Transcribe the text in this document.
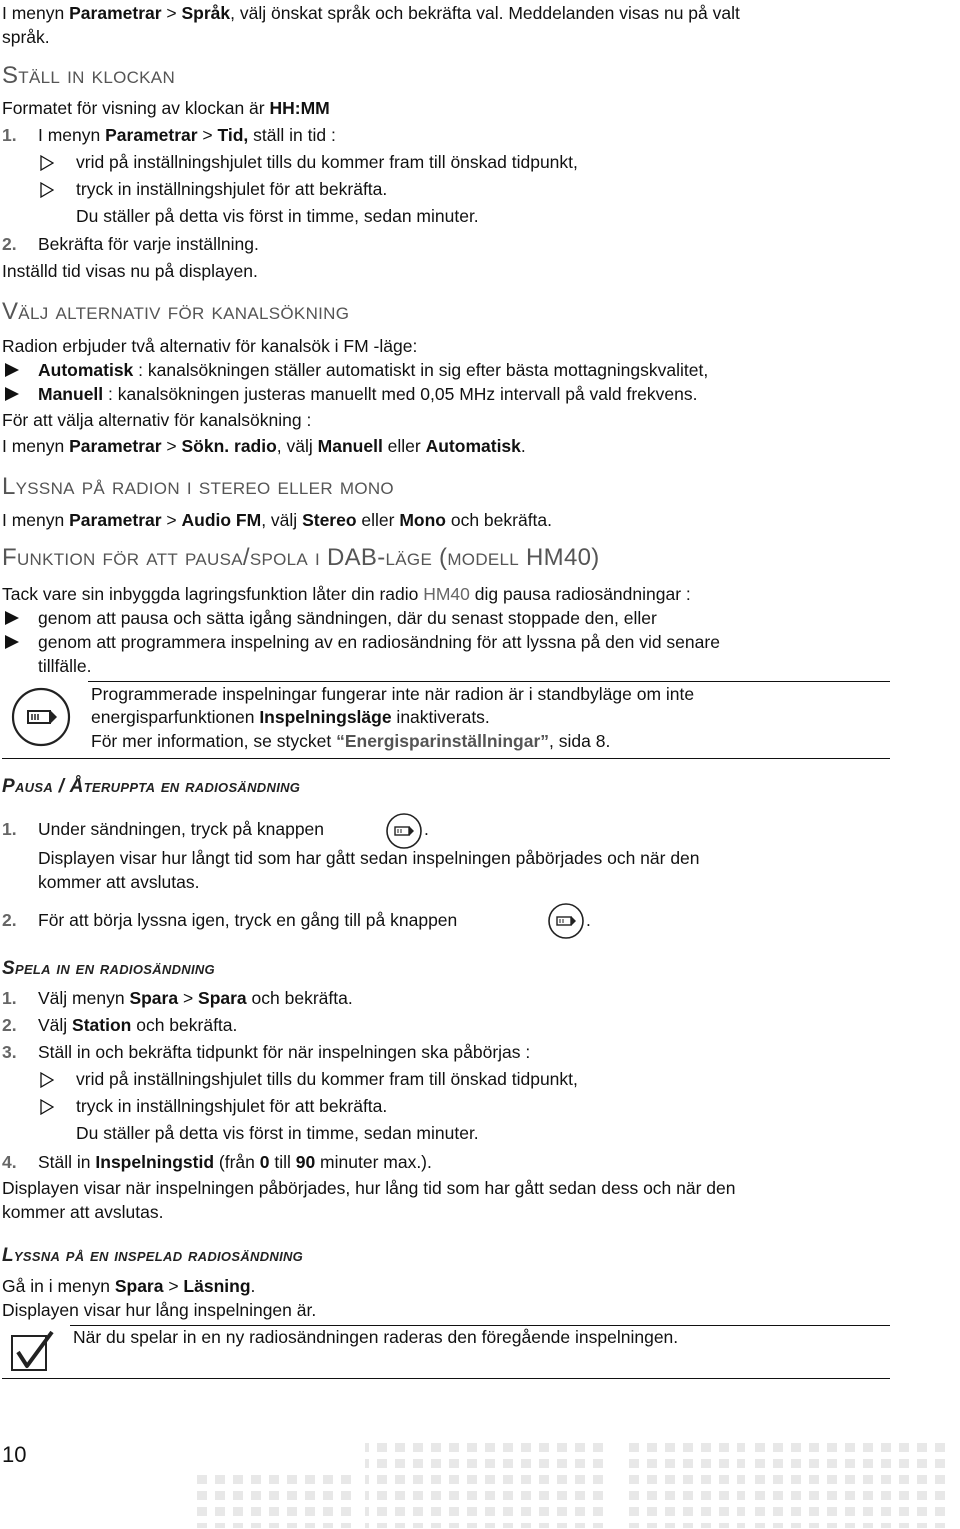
I menyn Parametrar > Språk, välj önskat språk och bekräfta val. Meddelanden visas nu på valt
språk.
Ställ in klockan
Formatet för visning av klockan är HH:MM
1. I menyn Parametrar > Tid, ställ in tid :
vrid på inställningshjulet tills du kommer fram till önskad tidpunkt,
tryck in inställningshjulet för att bekräfta.
Du ställer på detta vis först in timme, sedan minuter.
2. Bekräfta för varje inställning.
Inställd tid visas nu på displayen.
Välj alternativ för kanalsökning
Radion erbjuder två alternativ för kanalsök i FM -läge:
Automatisk : kanalsökningen ställer automatiskt in sig efter bästa mottagningskvalitet,
Manuell : kanalsökningen justeras manuellt med 0,05 MHz intervall på vald frekvens.
För att välja alternativ för kanalsökning :
I menyn Parametrar > Sökn. radio, välj Manuell eller Automatisk.
Lyssna på radion i stereo eller mono
I menyn Parametrar > Audio FM, välj Stereo eller Mono och bekräfta.
Funktion för att pausa/spola i DAB-läge (modell HM40)
Tack vare sin inbyggda lagringsfunktion låter din radio HM40 dig pausa radiosändningar :
genom att pausa och sätta igång sändningen, där du senast stoppade den, eller
genom att programmera inspelning av en radiosändning för att lyssna på den vid senare
tillfälle.
Programmerade inspelningar fungerar inte när radion är i standbyläge om inte
energisparfunktionen Inspelningsläge inaktiverats.
För mer information, se stycket “Energisparinställningar”, sida 8.
Pausa / Återuppta en radiosändning
1. Under sändningen, tryck på knappen	.
Displayen visar hur långt tid som har gått sedan inspelningen påbörjades och när den
kommer att avslutas.
2. För att börja lyssna igen, tryck en gång till på knappen	.
Spela in en radiosändning
1. Välj menyn Spara > Spara och bekräfta.
2. Välj Station och bekräfta.
3. Ställ in och bekräfta tidpunkt för när inspelningen ska påbörjas :
vrid på inställningshjulet tills du kommer fram till önskad tidpunkt,
tryck in inställningshjulet för att bekräfta.
Du ställer på detta vis först in timme, sedan minuter.
4. Ställ in Inspelningstid (från 0 till 90 minuter max.).
Displayen visar när inspelningen påbörjades, hur lång tid som har gått sedan dess och när den
kommer att avslutas.
Lyssna på en inspelad radiosändning
Gå in i menyn Spara > Läsning.
Displayen visar hur lång inspelningen är.
När du spelar in en ny radiosändningen raderas den föregående inspelningen.
10
